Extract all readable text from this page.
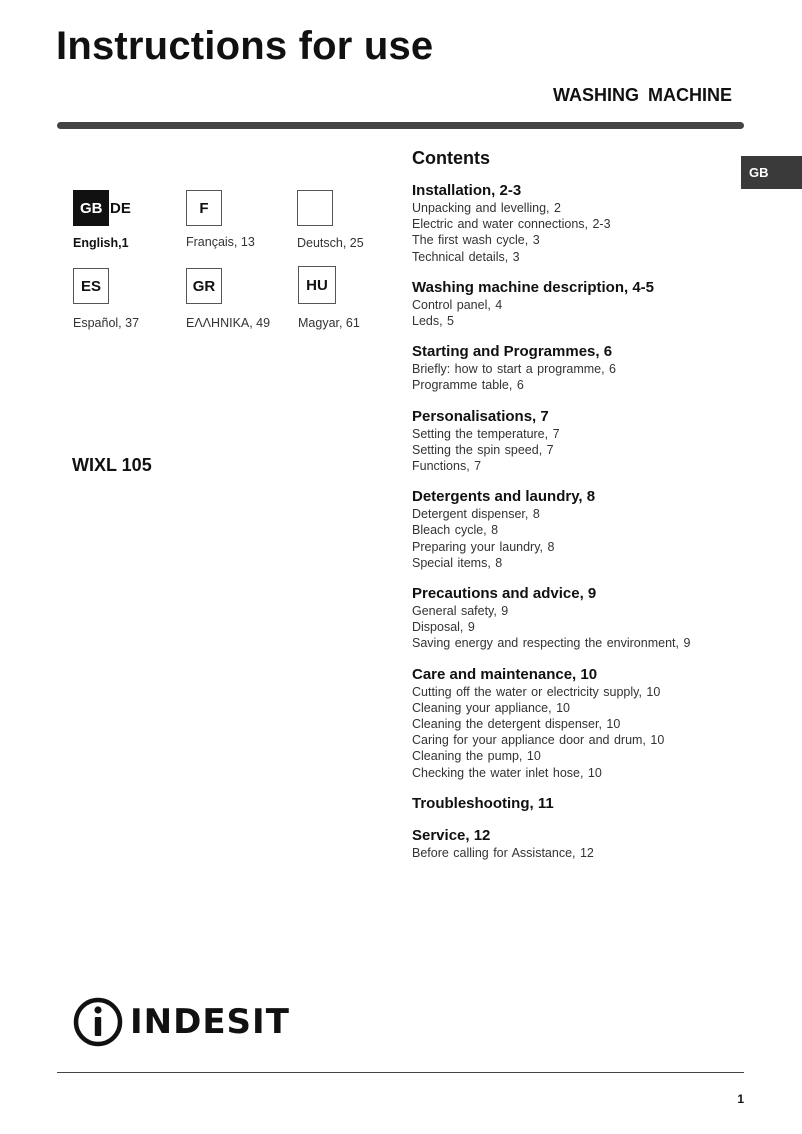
Instructions for use
WASHING MACHINE
GB
GB DE
English,1
F
Français, 13	Deutsch, 25
ES
Español, 37
GR
ΕΛΛΗΝΙΚΑ, 49
HU
Magyar, 61
WIXL 105
Contents
Installation, 2-3
Unpacking and levelling, 2
Electric and water connections, 2-3
The first wash cycle, 3
Technical details, 3
Washing machine description, 4-5
Control panel, 4
Leds, 5
Starting and Programmes, 6
Briefly: how to start a programme, 6
Programme table, 6
Personalisations, 7
Setting the temperature, 7
Setting the spin speed, 7
Functions, 7
Detergents and laundry, 8
Detergent dispenser, 8
Bleach cycle, 8
Preparing your laundry, 8
Special items, 8
Precautions and advice, 9
General safety, 9
Disposal, 9
Saving energy and respecting the environment, 9
Care and maintenance, 10
Cutting off the water or electricity supply, 10
Cleaning your appliance, 10
Cleaning the detergent dispenser, 10
Caring for your appliance door and drum, 10
Cleaning the pump, 10
Checking the water inlet hose, 10
Troubleshooting, 11
Service, 12
Before calling for Assistance, 12
INDESIT
1
